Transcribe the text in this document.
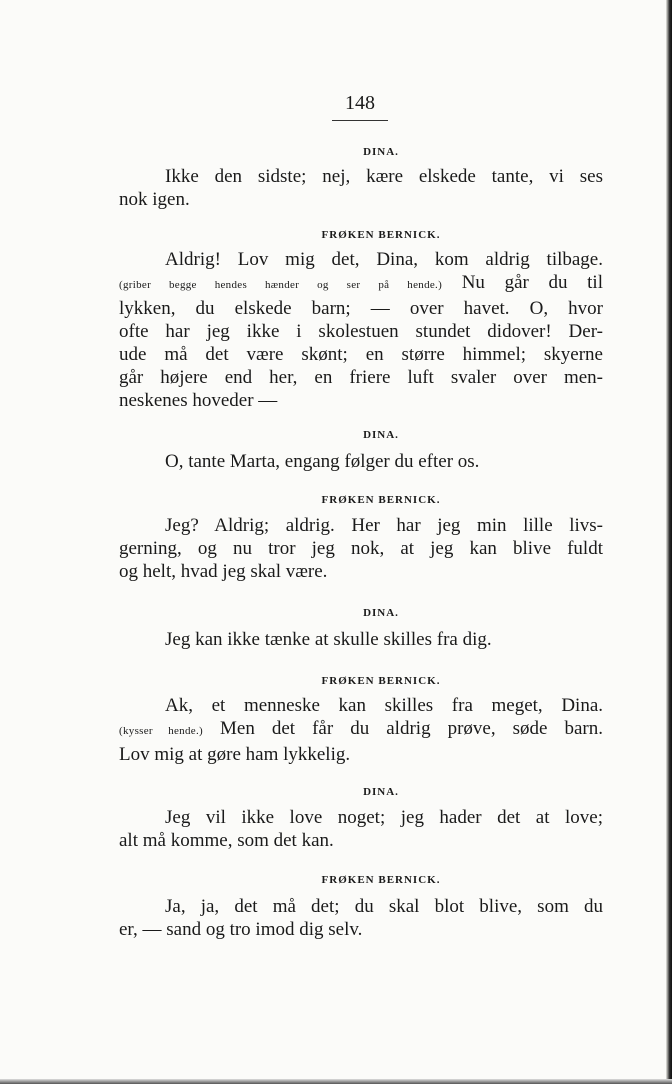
148
DINA.
Ikke den sidste; nej, kære elskede tante, vi ses
nok igen.
FRØKEN BERNICK.
Aldrig! Lov mig det, Dina, kom aldrig tilbage.
(griber begge hendes hænder og ser på hende.) Nu går du til
lykken, du elskede barn; — over havet. O, hvor
ofte har jeg ikke i skolestuen stundet didover! Der-
ude må det være skønt; en større himmel; skyerne
går højere end her, en friere luft svaler over men-
neskenes hoveder —
DINA.
O, tante Marta, engang følger du efter os.
FRØKEN BERNICK.
Jeg? Aldrig; aldrig. Her har jeg min lille livs-
gerning, og nu tror jeg nok, at jeg kan blive fuldt
og helt, hvad jeg skal være.
DINA.
Jeg kan ikke tænke at skulle skilles fra dig.
FRØKEN BERNICK.
Ak, et menneske kan skilles fra meget, Dina.
(kysser hende.) Men det får du aldrig prøve, søde barn.
Lov mig at gøre ham lykkelig.
DINA.
Jeg vil ikke love noget; jeg hader det at love;
alt må komme, som det kan.
FRØKEN BERNICK.
Ja, ja, det må det; du skal blot blive, som du
er, — sand og tro imod dig selv.
